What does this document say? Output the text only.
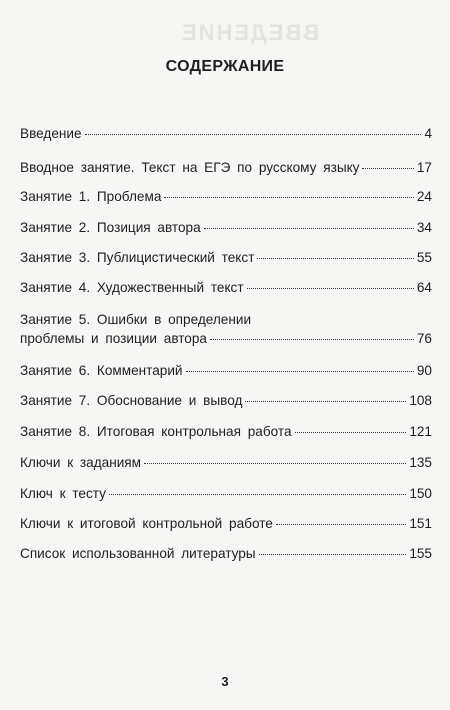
ВВЕДЕНИЕ
СОДЕРЖАНИЕ
Введение	4
Вводное занятие. Текст на ЕГЭ по русскому языку	17
Занятие 1. Проблема	24
Занятие 2. Позиция автора	34
Занятие 3. Публицистический текст	55
Занятие 4. Художественный текст	64
Занятие 5. Ошибки в определении
проблемы и позиции автора	76
Занятие 6. Комментарий	90
Занятие 7. Обоснование и вывод	108
Занятие 8. Итоговая контрольная работа	121
Ключи к заданиям	135
Ключ к тесту	150
Ключи к итоговой контрольной работе	151
Список использованной литературы	155
3
